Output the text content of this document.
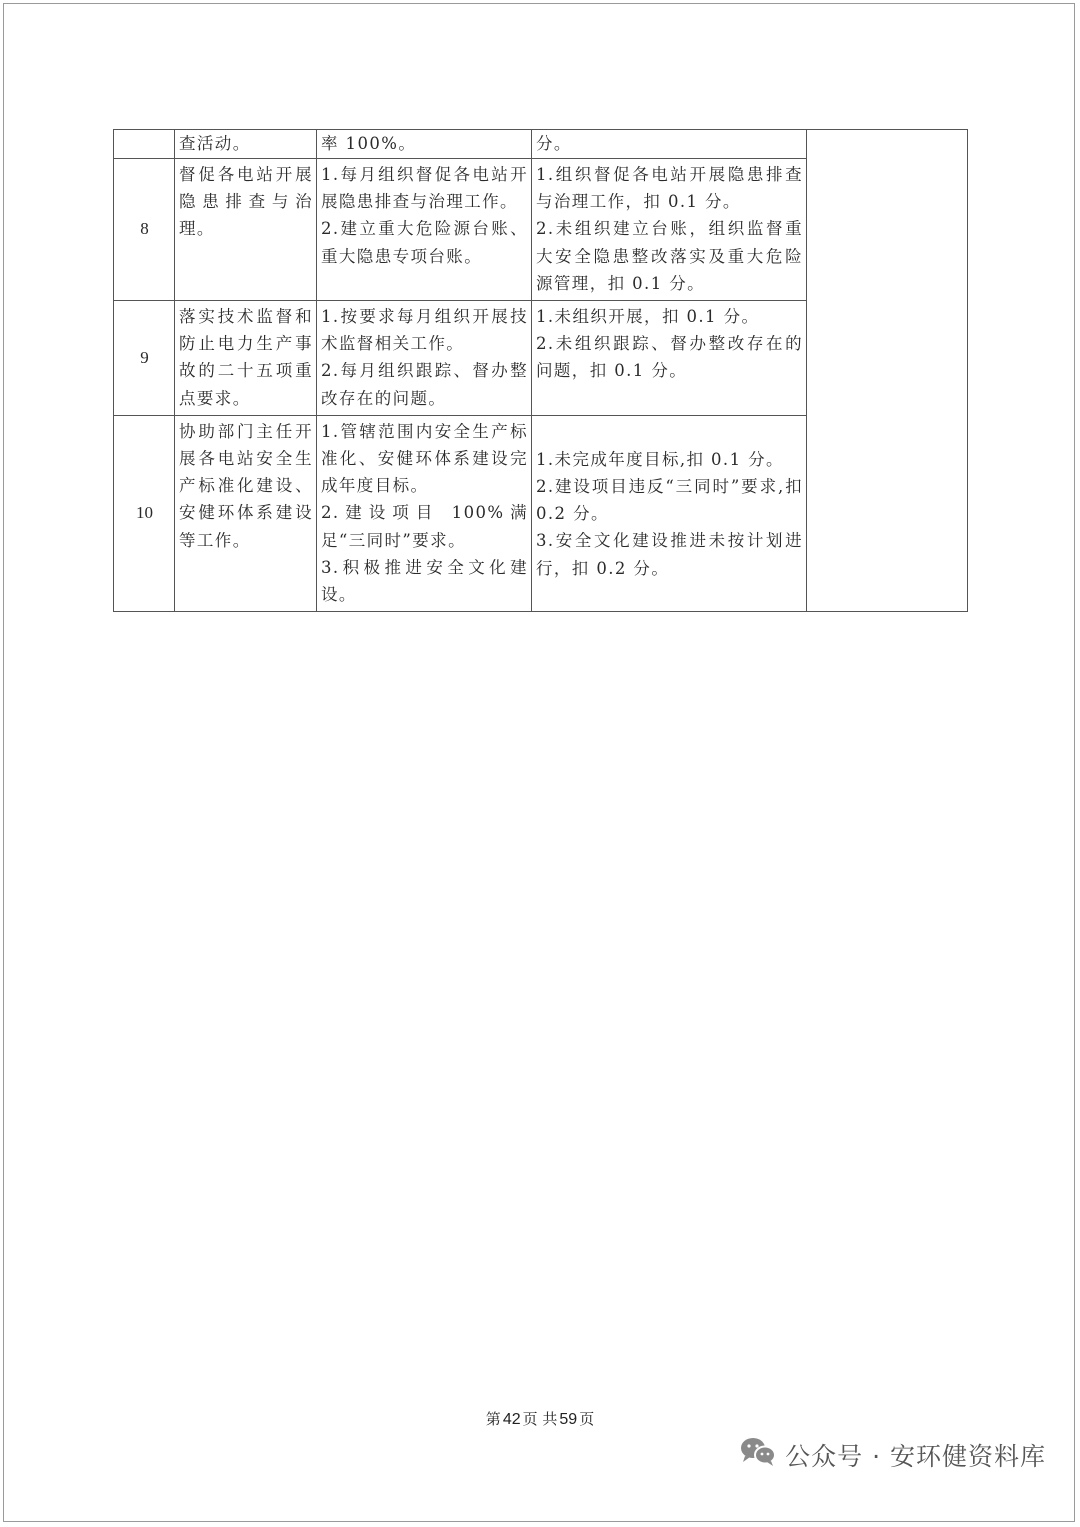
	查活动。	率 100%。	分。	

8	督促各电站开展隐患排查与治理。	1.每月组织督促各电站开展隐患排查与治理工作。
2.建立重大危险源台账、重大隐患专项台账。	1.组织督促各电站开展隐患排查与治理工作，扣 0.1 分。
2.未组织建立台账，组织监督重大安全隐患整改落实及重大危险源管理，扣 0.1 分。	

9	落实技术监督和防止电力生产事故的二十五项重点要求。	1.按要求每月组织开展技术监督相关工作。
2.每月组织跟踪、督办整改存在的问题。	1.未组织开展，扣 0.1 分。
2.未组织跟踪、督办整改存在的问题，扣 0.1 分。	

10	协助部门主任开展各电站安全生产标准化建设、安健环体系建设等工作。	1.管辖范围内安全生产标准化、安健环体系建设完成年度目标。
2.建设项目 100%满足“三同时”要求。
3.积极推进安全文化建设。	1.未完成年度目标,扣 0.1 分。
2.建设项目违反“三同时”要求,扣 0.2 分。
3.安全文化建设推进未按计划进行，扣 0.2 分。	
第 42 页 共 59 页
公众号 · 安环健资料库
